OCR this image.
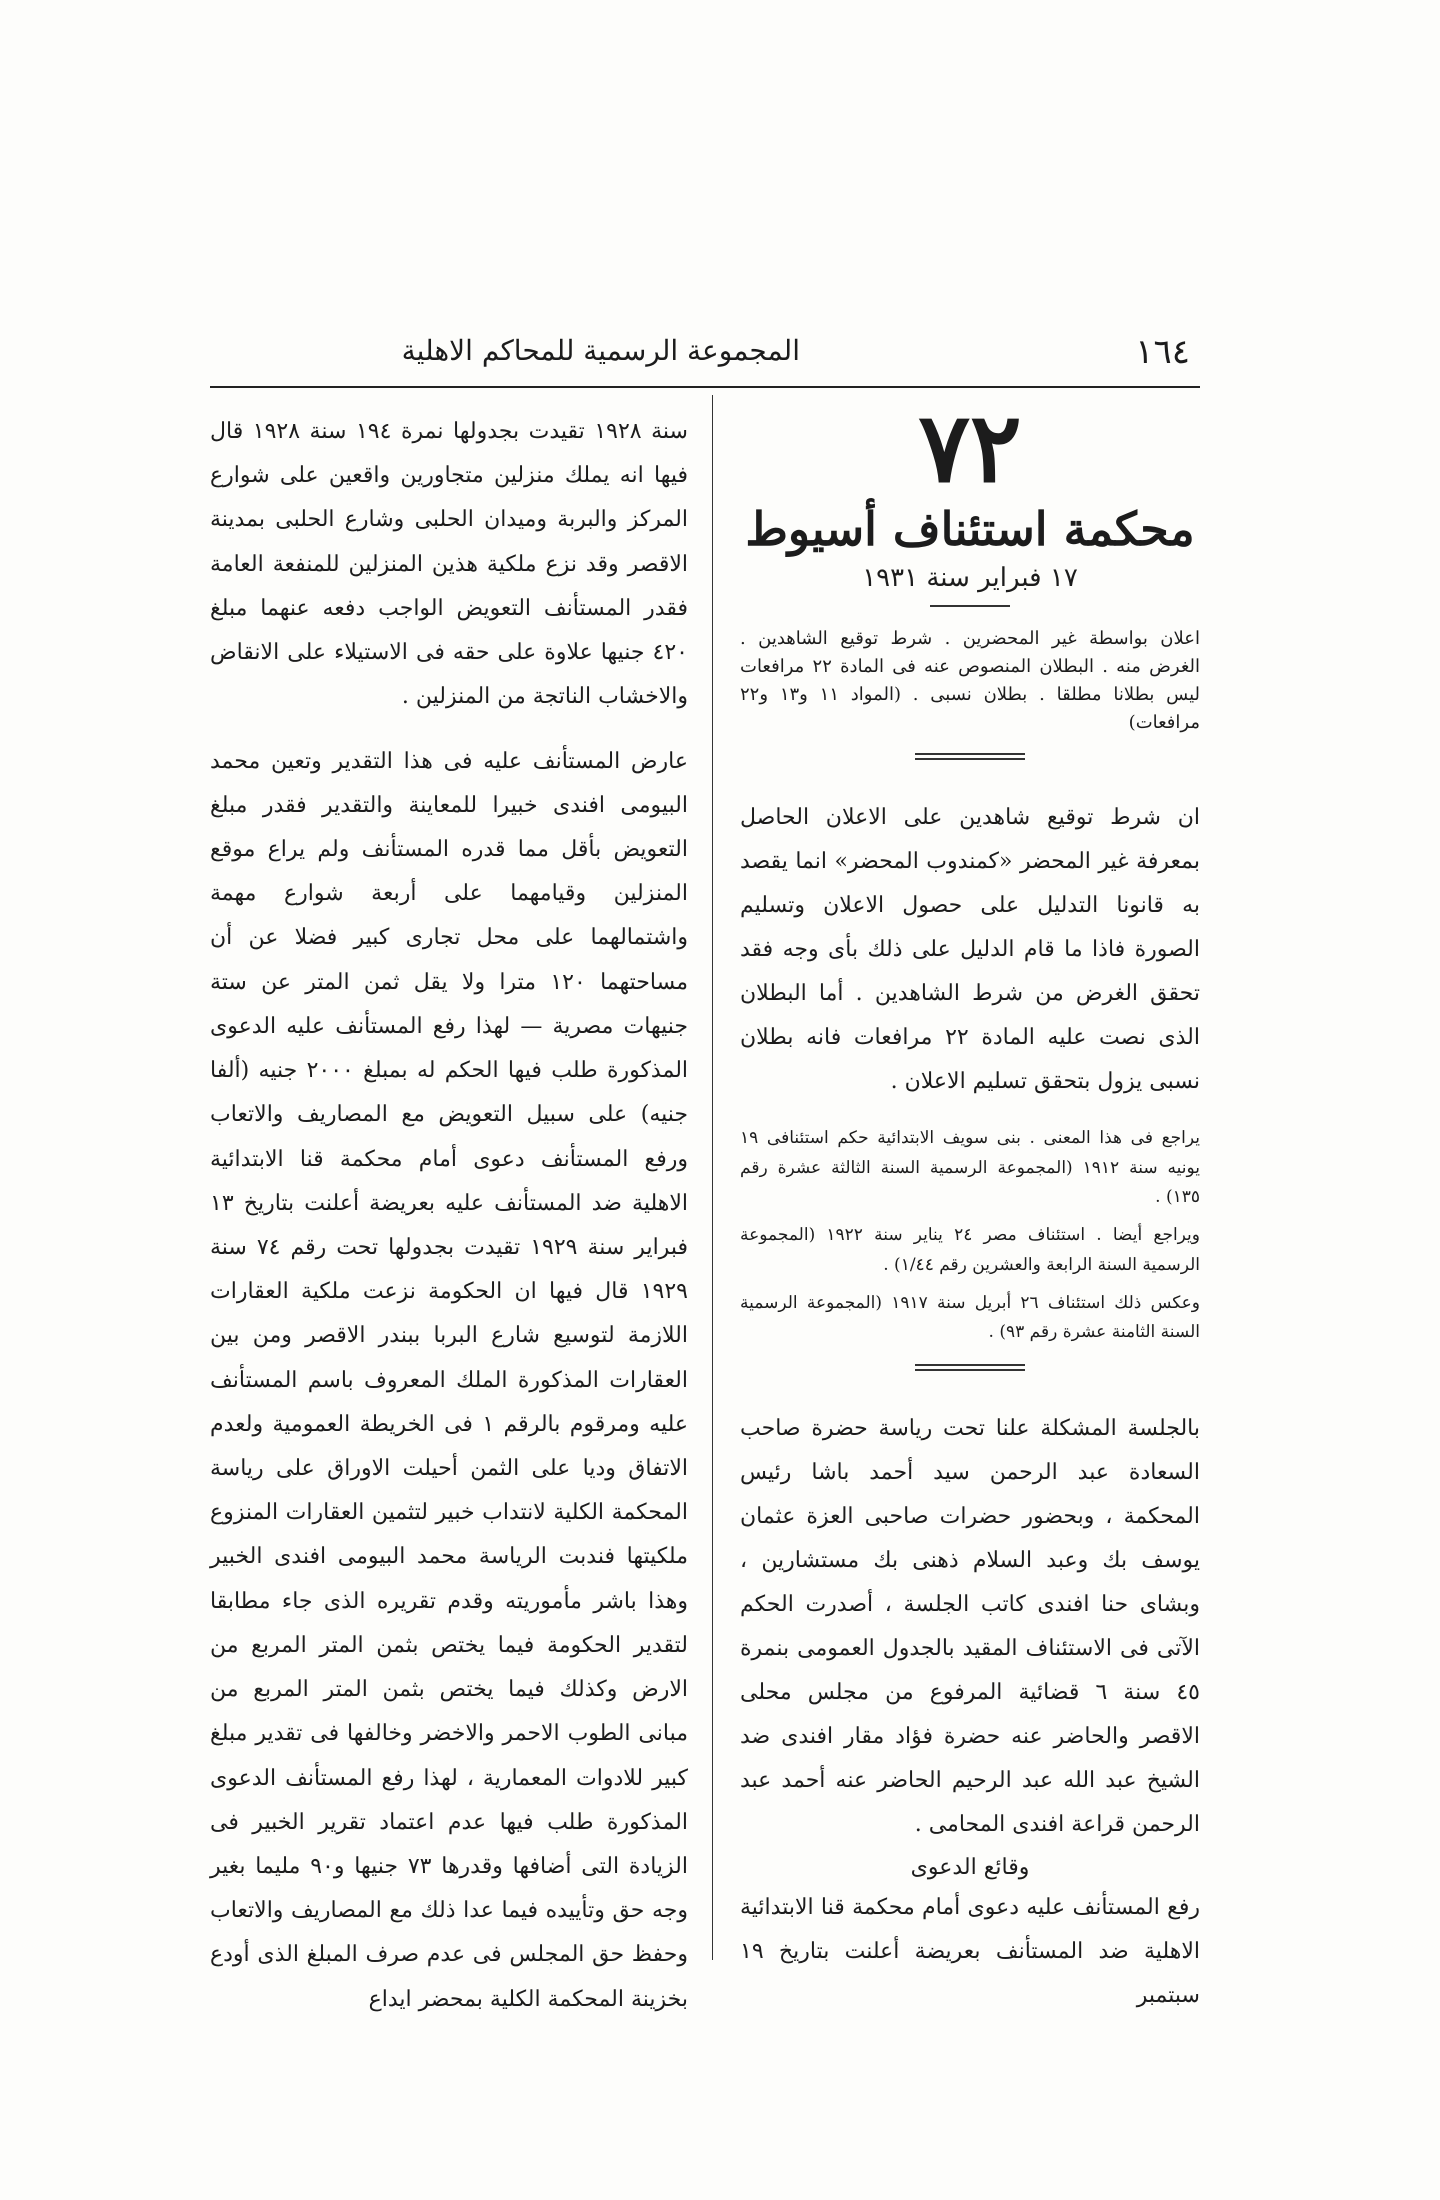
١٦٤
المجموعة الرسمية للمحاكم الاهلية
٧٢
محكمة استئناف أسيوط
١٧ فبراير سنة ١٩٣١

اعلان بواسطة غير المحضرين . شرط توقيع الشاهدين . الغرض منه . البطلان المنصوص عنه فى المادة ٢٢ مرافعات ليس بطلانا مطلقا . بطلان نسبى . (المواد ١١ و١٣ و٢٢ مرافعات)

ان شرط توقيع شاهدين على الاعلان الحاصل بمعرفة غير المحضر «كمندوب المحضر» انما يقصد به قانونا التدليل على حصول الاعلان وتسليم الصورة فاذا ما قام الدليل على ذلك بأى وجه فقد تحقق الغرض من شرط الشاهدين . أما البطلان الذى نصت عليه المادة ٢٢ مرافعات فانه بطلان نسبى يزول بتحقق تسليم الاعلان .

يراجع فى هذا المعنى . بنى سويف الابتدائية حكم استئنافى ١٩ يونيه سنة ١٩١٢ (المجموعة الرسمية السنة الثالثة عشرة رقم ١٣٥) .

ويراجع أيضا . استئناف مصر ٢٤ يناير سنة ١٩٢٢ (المجموعة الرسمية السنة الرابعة والعشرين رقم ١/٤٤) .

وعكس ذلك استئناف ٢٦ أبريل سنة ١٩١٧ (المجموعة الرسمية السنة الثامنة عشرة رقم ٩٣) .

بالجلسة المشكلة علنا تحت رياسة حضرة صاحب السعادة عبد الرحمن سيد أحمد باشا رئيس المحكمة ، وبحضور حضرات صاحبى العزة عثمان يوسف بك وعبد السلام ذهنى بك مستشارين ، وبشاى حنا افندى كاتب الجلسة ، أصدرت الحكم الآتى فى الاستئناف المقيد بالجدول العمومى بنمرة ٤٥ سنة ٦ قضائية المرفوع من مجلس محلى الاقصر والحاضر عنه حضرة فؤاد مقار افندى ضد الشيخ عبد الله عبد الرحيم الحاضر عنه أحمد عبد الرحمن قراعة افندى المحامى .

وقائع الدعوى

رفع المستأنف عليه دعوى أمام محكمة قنا الابتدائية الاهلية ضد المستأنف بعريضة أعلنت بتاريخ ١٩ سبتمبر

سنة ١٩٢٨ تقيدت بجدولها نمرة ١٩٤ سنة ١٩٢٨ قال فيها انه يملك منزلين متجاورين واقعين على شوارع المركز والبربة وميدان الحلبى وشارع الحلبى بمدينة الاقصر وقد نزع ملكية هذين المنزلين للمنفعة العامة فقدر المستأنف التعويض الواجب دفعه عنهما مبلغ ٤٢٠ جنيها علاوة على حقه فى الاستيلاء على الانقاض والاخشاب الناتجة من المنزلين .

عارض المستأنف عليه فى هذا التقدير وتعين محمد البيومى افندى خبيرا للمعاينة والتقدير فقدر مبلغ التعويض بأقل مما قدره المستأنف ولم يراع موقع المنزلين وقيامهما على أربعة شوارع مهمة واشتمالهما على محل تجارى كبير فضلا عن أن مساحتهما ١٢٠ مترا ولا يقل ثمن المتر عن ستة جنيهات مصرية — لهذا رفع المستأنف عليه الدعوى المذكورة طلب فيها الحكم له بمبلغ ٢٠٠٠ جنيه (ألفا جنيه) على سبيل التعويض مع المصاريف والاتعاب ورفع المستأنف دعوى أمام محكمة قنا الابتدائية الاهلية ضد المستأنف عليه بعريضة أعلنت بتاريخ ١٣ فبراير سنة ١٩٢٩ تقيدت بجدولها تحت رقم ٧٤ سنة ١٩٢٩ قال فيها ان الحكومة نزعت ملكية العقارات اللازمة لتوسيع شارع البربا ببندر الاقصر ومن بين العقارات المذكورة الملك المعروف باسم المستأنف عليه ومرقوم بالرقم ١ فى الخريطة العمومية ولعدم الاتفاق وديا على الثمن أحيلت الاوراق على رياسة المحكمة الكلية لانتداب خبير لتثمين العقارات المنزوع ملكيتها فندبت الرياسة محمد البيومى افندى الخبير وهذا باشر مأموريته وقدم تقريره الذى جاء مطابقا لتقدير الحكومة فيما يختص بثمن المتر المربع من الارض وكذلك فيما يختص بثمن المتر المربع من مبانى الطوب الاحمر والاخضر وخالفها فى تقدير مبلغ كبير للادوات المعمارية ، لهذا رفع المستأنف الدعوى المذكورة طلب فيها عدم اعتماد تقرير الخبير فى الزيادة التى أضافها وقدرها ٧٣ جنيها و٩٠ مليما بغير وجه حق وتأييده فيما عدا ذلك مع المصاريف والاتعاب وحفظ حق المجلس فى عدم صرف المبلغ الذى أودع بخزينة المحكمة الكلية بمحضر ايداع
